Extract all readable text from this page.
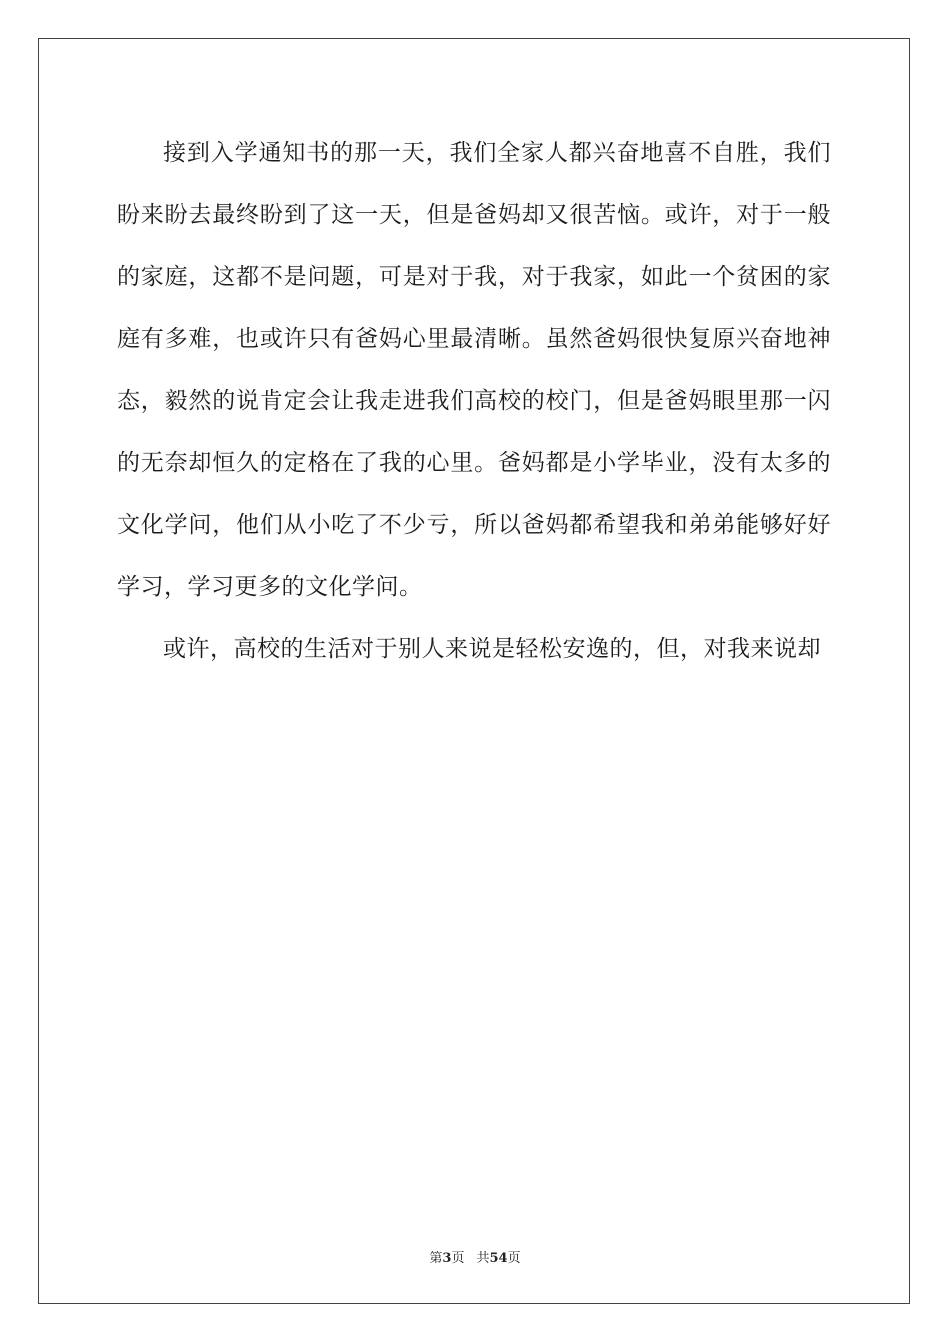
接到入学通知书的那一天，我们全家人都兴奋地喜不自胜，我们盼来盼去最终盼到了这一天，但是爸妈却又很苦恼。或许，对于一般的家庭，这都不是问题，可是对于我，对于我家，如此一个贫困的家庭有多难，也或许只有爸妈心里最清晰。虽然爸妈很快复原兴奋地神态，毅然的说肯定会让我走进我们高校的校门，但是爸妈眼里那一闪的无奈却恒久的定格在了我的心里。爸妈都是小学毕业，没有太多的文化学问，他们从小吃了不少亏，所以爸妈都希望我和弟弟能够好好学习，学习更多的文化学问。

或许，高校的生活对于别人来说是轻松安逸的，但，对我来说却

第3页 共54页
